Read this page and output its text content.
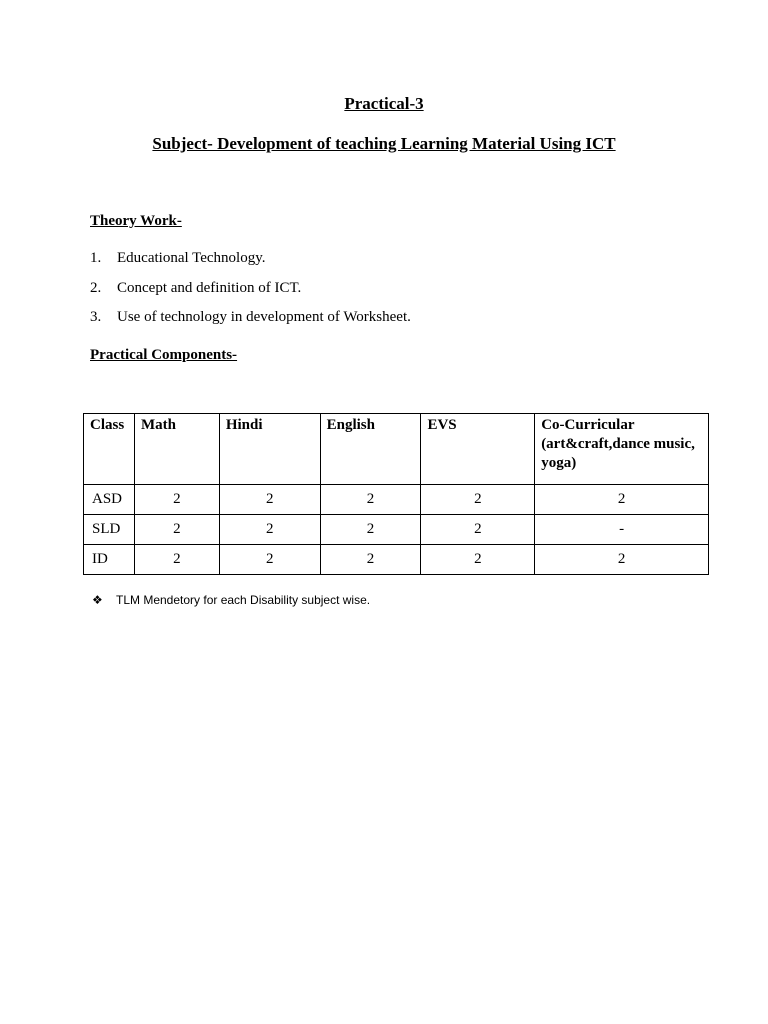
Practical-3
Subject- Development of teaching Learning Material Using ICT
Theory Work-
1.	Educational Technology.
2.	Concept and definition of ICT.
3.	Use of technology in development of Worksheet.
Practical Components-
Class	Math	Hindi	English	EVS	Co-Curricular (art&craft,dance music, yoga)
ASD	2	2	2	2	2
SLD	2	2	2	2	-
ID	2	2	2	2	2
❖	TLM Mendetory for each Disability subject wise.
